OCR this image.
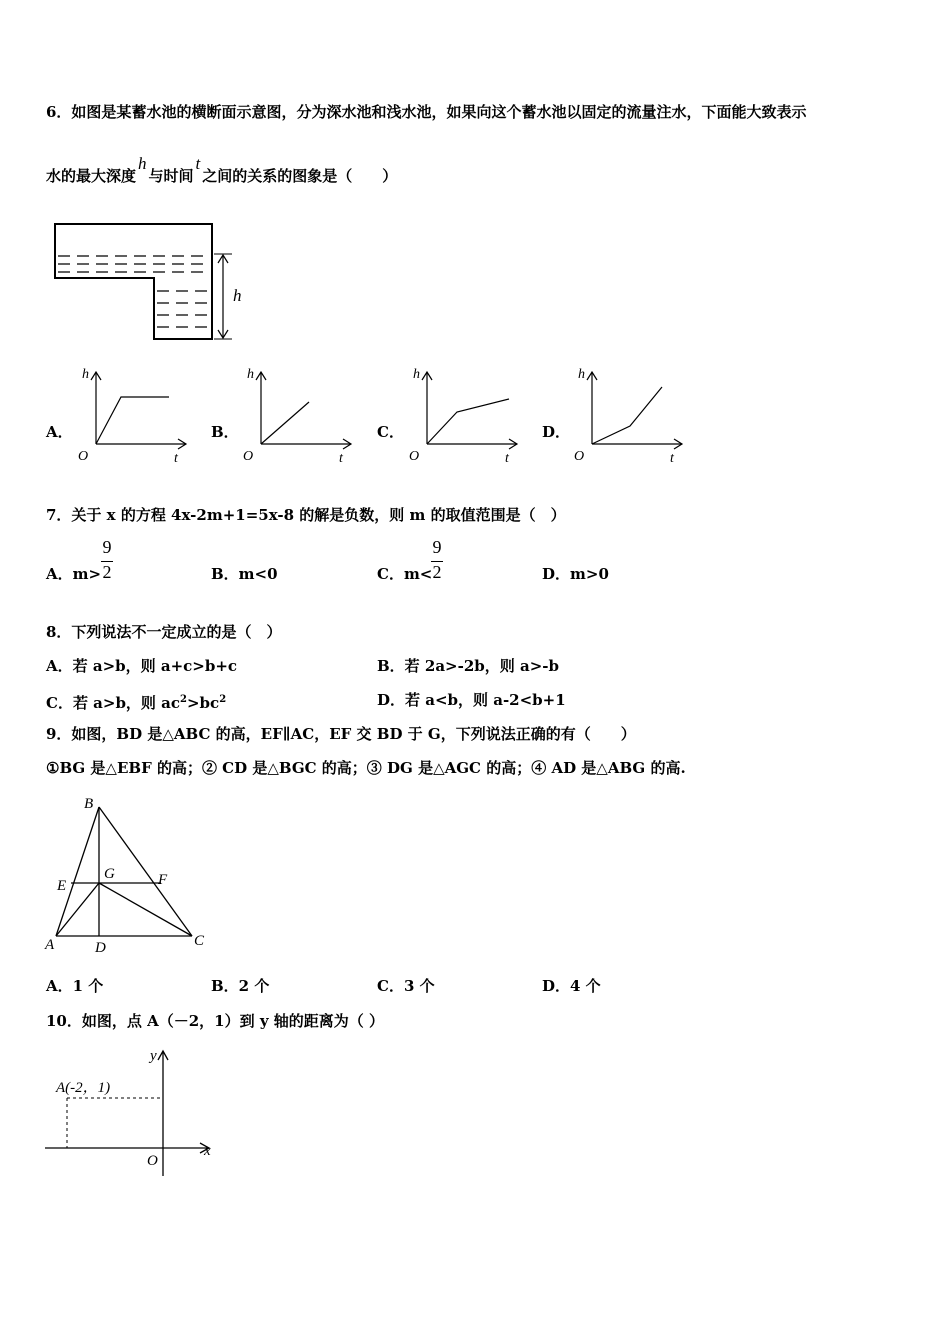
6．如图是某蓄水池的横断面示意图，分为深水池和浅水池，如果向这个蓄水池以固定的流量注水，下面能大致表示
水的最大深度h与时间t之间的关系的图象是（　　）
h
A．
h
t
O
B．
h
t
O
C．
h
t
O
D．
h
t
O
7．关于 x 的方程 4x-2m+1=5x-8 的解是负数，则 m 的取值范围是（　）
A．m>
9
2	B．m<0	C．m<
9
2	D．m>0
8．下列说法不一定成立的是（　）
A．若 a>b，则 a+c>b+c	B．若 2a>-2b，则 a>-b
C．若 a>b，则 $ac^2>bc^2$	D．若 a<b，则 a-2<b+1
9．如图，BD 是△ABC 的高，EF∥AC，EF 交 BD 于 G，下列说法正确的有（　　）
①BG 是△EBF 的高；② CD 是△BGC 的高；③ DG 是△AGC 的高；④ AD 是△ABG 的高.
B
E
G	F
A	D	C
A．1 个	B．2 个	C．3 个	D．4 个
10．如图，点 A（－2，1）到 y 轴的距离为（ ）
A(-2，1)
y
x
O
